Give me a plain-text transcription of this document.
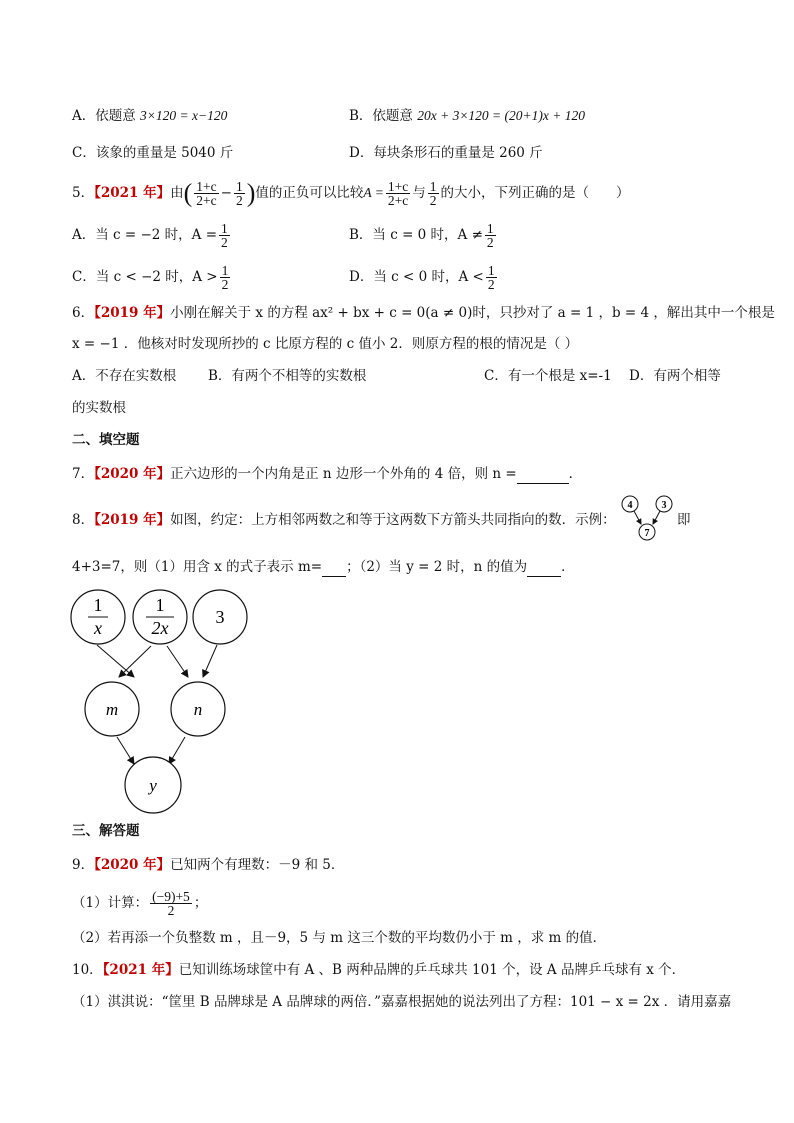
A．依题意 3×120 = x−120	B．依题意 20x + 3×120 = (20+1)x + 120
C．该象的重量是 5040 斤	D．每块条形石的重量是 260 斤
5．【2021 年】由( $\frac{1+c}{2+c} - \frac{1}{2}$ )值的正负可以比较$A = \frac{1+c}{2+c}$ 与 $\frac{1}{2}$ 的大小，下列正确的是（　　）
A．当 c = −2 时，$A = \frac{1}{2}$	B．当 c = 0 时，$A \ne \frac{1}{2}$
C．当 c < −2 时，$A > \frac{1}{2}$	D．当 c < 0 时，$A < \frac{1}{2}$
6．【2019 年】小刚在解关于 x 的方程 ax² + bx + c = 0(a ≠ 0)时，只抄对了 a = 1 ，b = 4 ，解出其中一个根是
x = −1 ．他核对时发现所抄的 c 比原方程的 c 值小 2．则原方程的根的情况是（ ）
A．不存在实数根 B．有两个不相等的实数根	C．有一个根是 x=-1 D．有两个相等
的实数根
二、填空题
7．【2020 年】正六边形的一个内角是正 n 边形一个外角的 4 倍，则 n =	．
8．【2019 年】如图，约定：上方相邻两数之和等于这两数下方箭头共同指向的数．示例：
4	3
7
即
4+3=7，则（1）用含 x 的式子表示 m= ；（2）当 y = 2 时，n 的值为	．
1
x
1
2x
3
m	n
y
三、解答题
9．【2020 年】已知两个有理数：－9 和 5．
（1）计算： $\frac{(-9)+5}{2}$ ；
（2）若再添一个负整数 m ，且－9，5 与 m 这三个数的平均数仍小于 m ，求 m 的值．
10．【2021 年】已知训练场球筐中有 A 、B 两种品牌的乒乓球共 101 个，设 A 品牌乒乓球有 x 个．
（1）淇淇说：“筐里 B 品牌球是 A 品牌球的两倍．”嘉嘉根据她的说法列出了方程：101 − x = 2x ．请用嘉嘉
